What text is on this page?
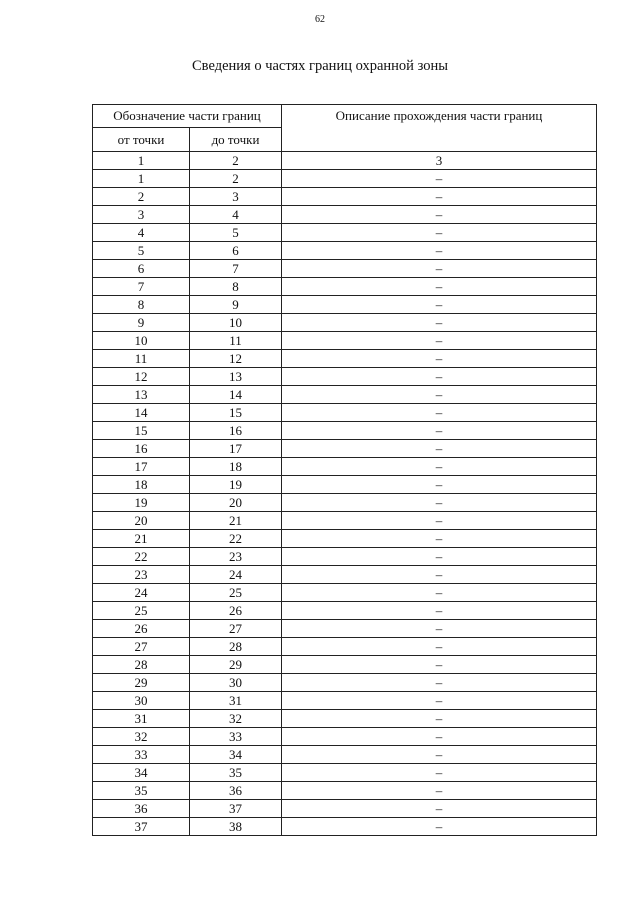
62
Сведения о частях границ охранной зоны
Обозначение части границ		Описание прохождения части границ
от точки	до точки	
1	2	3
1	2	–
2	3	–
3	4	–
4	5	–
5	6	–
6	7	–
7	8	–
8	9	–
9	10	–
10	11	–
11	12	–
12	13	–
13	14	–
14	15	–
15	16	–
16	17	–
17	18	–
18	19	–
19	20	–
20	21	–
21	22	–
22	23	–
23	24	–
24	25	–
25	26	–
26	27	–
27	28	–
28	29	–
29	30	–
30	31	–
31	32	–
32	33	–
33	34	–
34	35	–
35	36	–
36	37	–
37	38	–
